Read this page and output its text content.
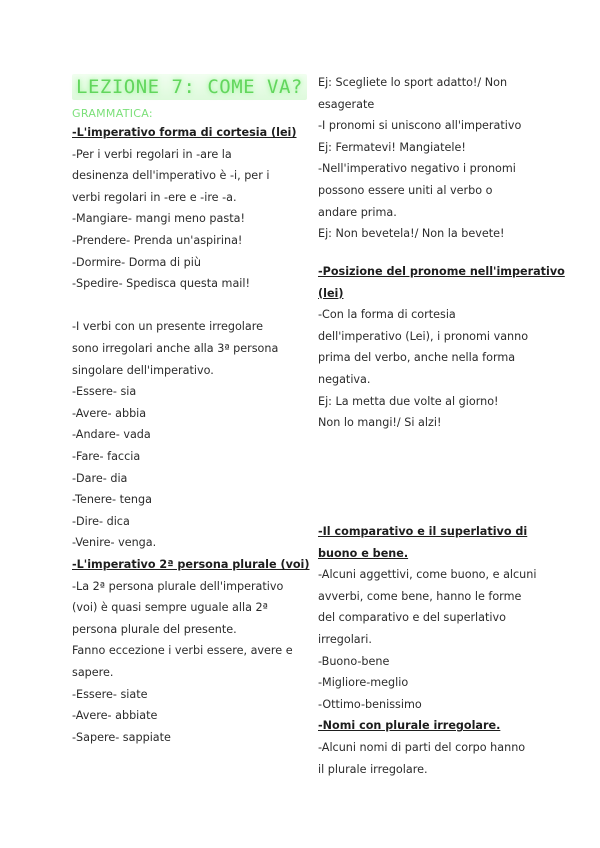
LEZIONE 7: COME VA?
GRAMMATICA:
-L'imperativo forma di cortesia (lei)
-Per i verbi regolari in -are la
desinenza dell'imperativo è -i, per i
verbi regolari in -ere e -ire -a.
-Mangiare- mangi meno pasta!
-Prendere- Prenda un'aspirina!
-Dormire- Dorma di più
-Spedire- Spedisca questa mail!
-I verbi con un presente irregolare
sono irregolari anche alla 3ª persona
singolare dell'imperativo.
-Essere- sia
-Avere- abbia
-Andare- vada
-Fare- faccia
-Dare- dia
-Tenere- tenga
-Dire- dica
-Venire- venga.
-L'imperativo 2ª persona plurale (voi)
-La 2ª persona plurale dell'imperativo
(voi) è quasi sempre uguale alla 2ª
persona plurale del presente.
Fanno eccezione i verbi essere, avere e
sapere.
-Essere- siate
-Avere- abbiate
-Sapere- sappiate
Ej: Scegliete lo sport adatto!/ Non
esagerate
-I pronomi si uniscono all'imperativo
Ej: Fermatevi! Mangiatele!
-Nell'imperativo negativo i pronomi
possono essere uniti al verbo o
andare prima.
Ej: Non bevetela!/ Non la bevete!
-Posizione del pronome nell'imperativo
(lei)
-Con la forma di cortesia
dell'imperativo (Lei), i pronomi vanno
prima del verbo, anche nella forma
negativa.
Ej: La metta due volte al giorno!
Non lo mangi!/ Si alzi!
-Il comparativo e il superlativo di
buono e bene.
-Alcuni aggettivi, come buono, e alcuni
avverbi, come bene, hanno le forme
del comparativo e del superlativo
irregolari.
-Buono-bene
-Migliore-meglio
-Ottimo-benissimo
-Nomi con plurale irregolare.
-Alcuni nomi di parti del corpo hanno
il plurale irregolare.
